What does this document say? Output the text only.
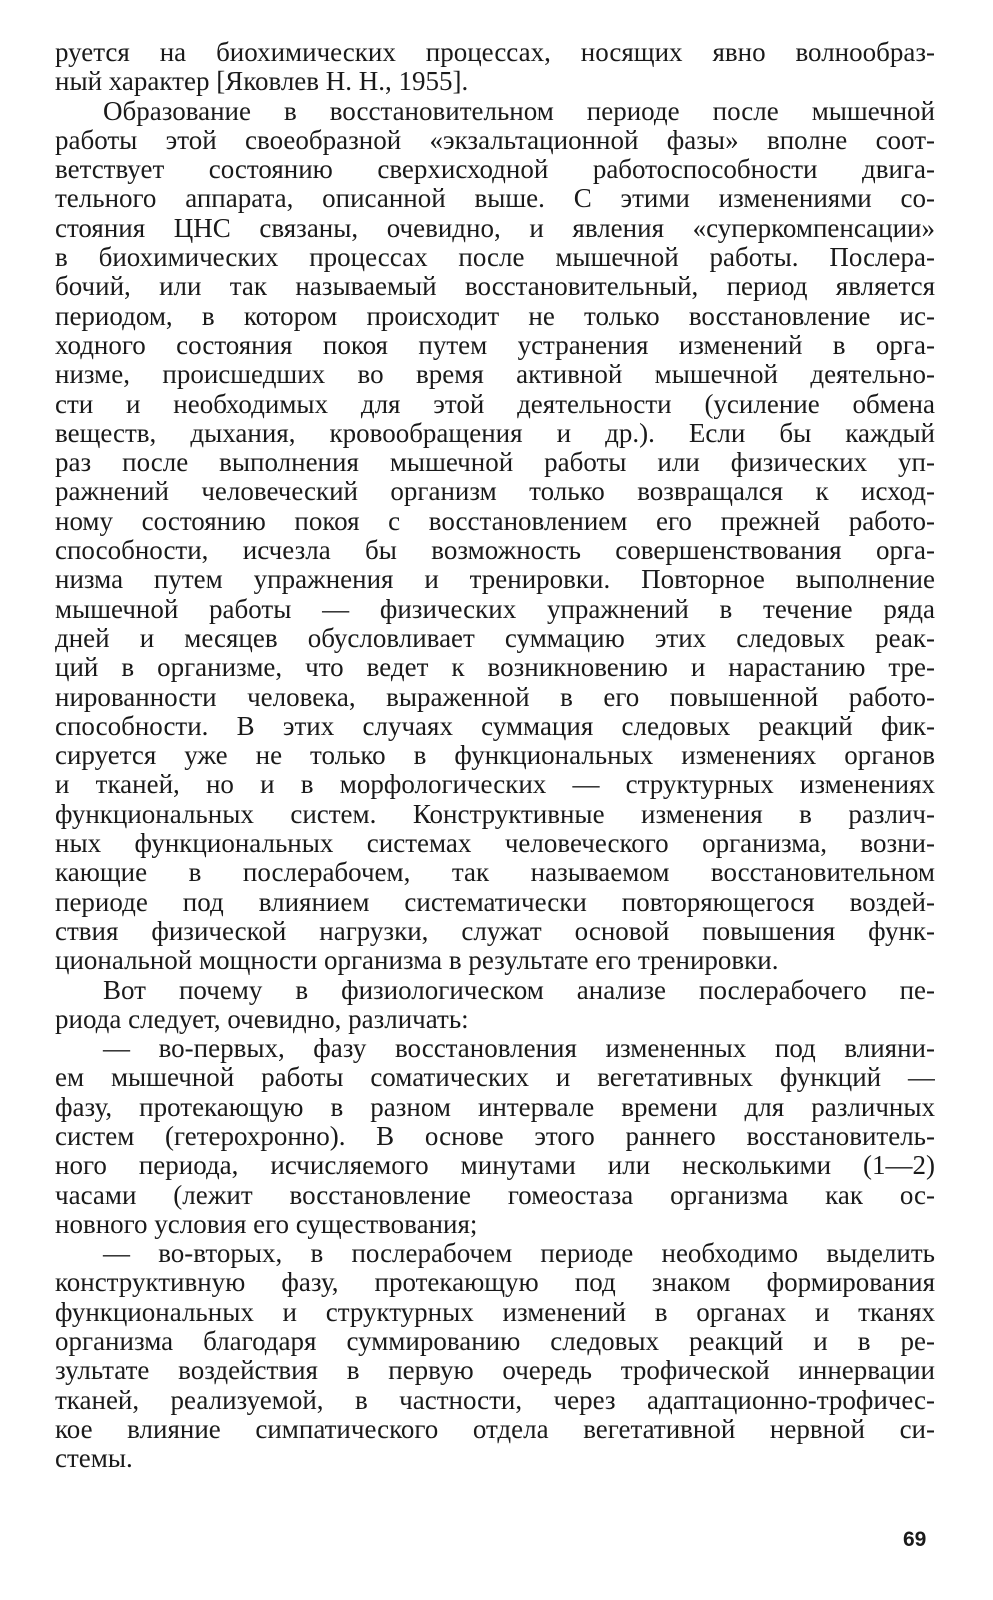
руется на биохимических процессах, носящих явно волнообраз-
ный характер [Яковлев Н. Н., 1955].
Образование в восстановительном периоде после мышечной
работы этой своеобразной «экзальтационной фазы» вполне соот-
ветствует состоянию сверхисходной работоспособности двига-
тельного аппарата, описанной выше. С этими изменениями со-
стояния ЦНС связаны, очевидно, и явления «суперкомпенсации»
в биохимических процессах после мышечной работы. Послера-
бочий, или так называемый восстановительный, период является
периодом, в котором происходит не только восстановление ис-
ходного состояния покоя путем устранения изменений в орга-
низме, происшедших во время активной мышечной деятельно-
сти и необходимых для этой деятельности (усиление обмена
веществ, дыхания, кровообращения и др.). Если бы каждый
раз после выполнения мышечной работы или физических уп-
ражнений человеческий организм только возвращался к исход-
ному состоянию покоя с восстановлением его прежней работо-
способности, исчезла бы возможность совершенствования орга-
низма путем упражнения и тренировки. Повторное выполнение
мышечной работы — физических упражнений в течение ряда
дней и месяцев обусловливает суммацию этих следовых реак-
ций в организме, что ведет к возникновению и нарастанию тре-
нированности человека, выраженной в его повышенной работо-
способности. В этих случаях суммация следовых реакций фик-
сируется уже не только в функциональных изменениях органов
и тканей, но и в морфологических — структурных изменениях
функциональных систем. Конструктивные изменения в различ-
ных функциональных системах человеческого организма, возни-
кающие в послерабочем, так называемом восстановительном
периоде под влиянием систематически повторяющегося воздей-
ствия физической нагрузки, служат основой повышения функ-
циональной мощности организма в результате его тренировки.
Вот почему в физиологическом анализе послерабочего пе-
риода следует, очевидно, различать:
— во-первых, фазу восстановления измененных под влияни-
ем мышечной работы соматических и вегетативных функций —
фазу, протекающую в разном интервале времени для различных
систем (гетерохронно). В основе этого раннего восстановитель-
ного периода, исчисляемого минутами или несколькими (1—2)
часами (лежит восстановление гомеостаза организма как ос-
новного условия его существования;
— во-вторых, в послерабочем периоде необходимо выделить
конструктивную фазу, протекающую под знаком формирования
функциональных и структурных изменений в органах и тканях
организма благодаря суммированию следовых реакций и в ре-
зультате воздействия в первую очередь трофической иннервации
тканей, реализуемой, в частности, через адаптационно-трофичес-
кое влияние симпатического отдела вегетативной нервной си-
стемы.
69
